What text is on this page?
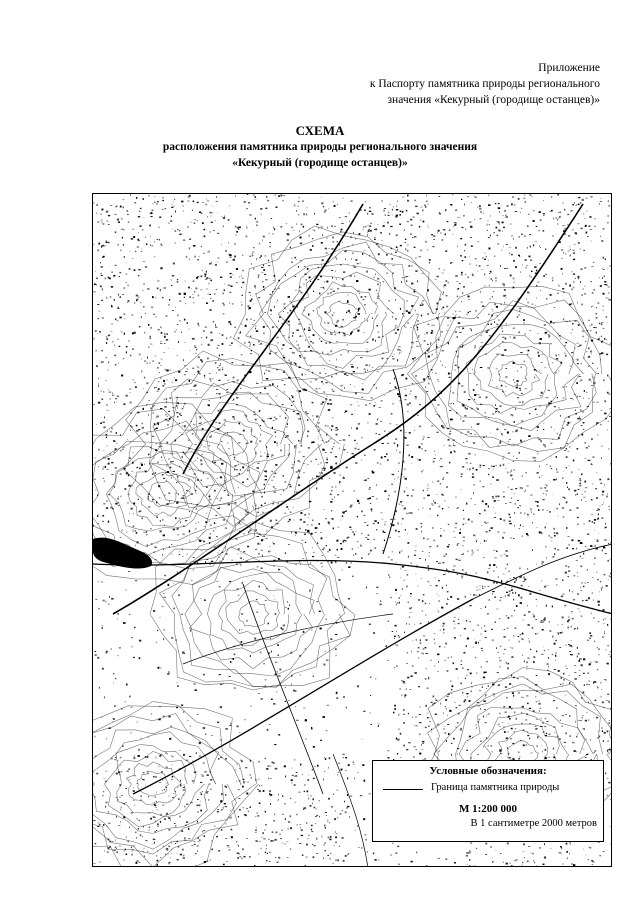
Приложение
к Паспорту памятника природы регионального
значения «Кекурный (городище останцев)»
СХЕМА
расположения памятника природы регионального значения
«Кекурный (городище останцев)»
Условные обозначения:
Граница памятника природы
М 1:200 000
В 1 сантиметре 2000 метров
